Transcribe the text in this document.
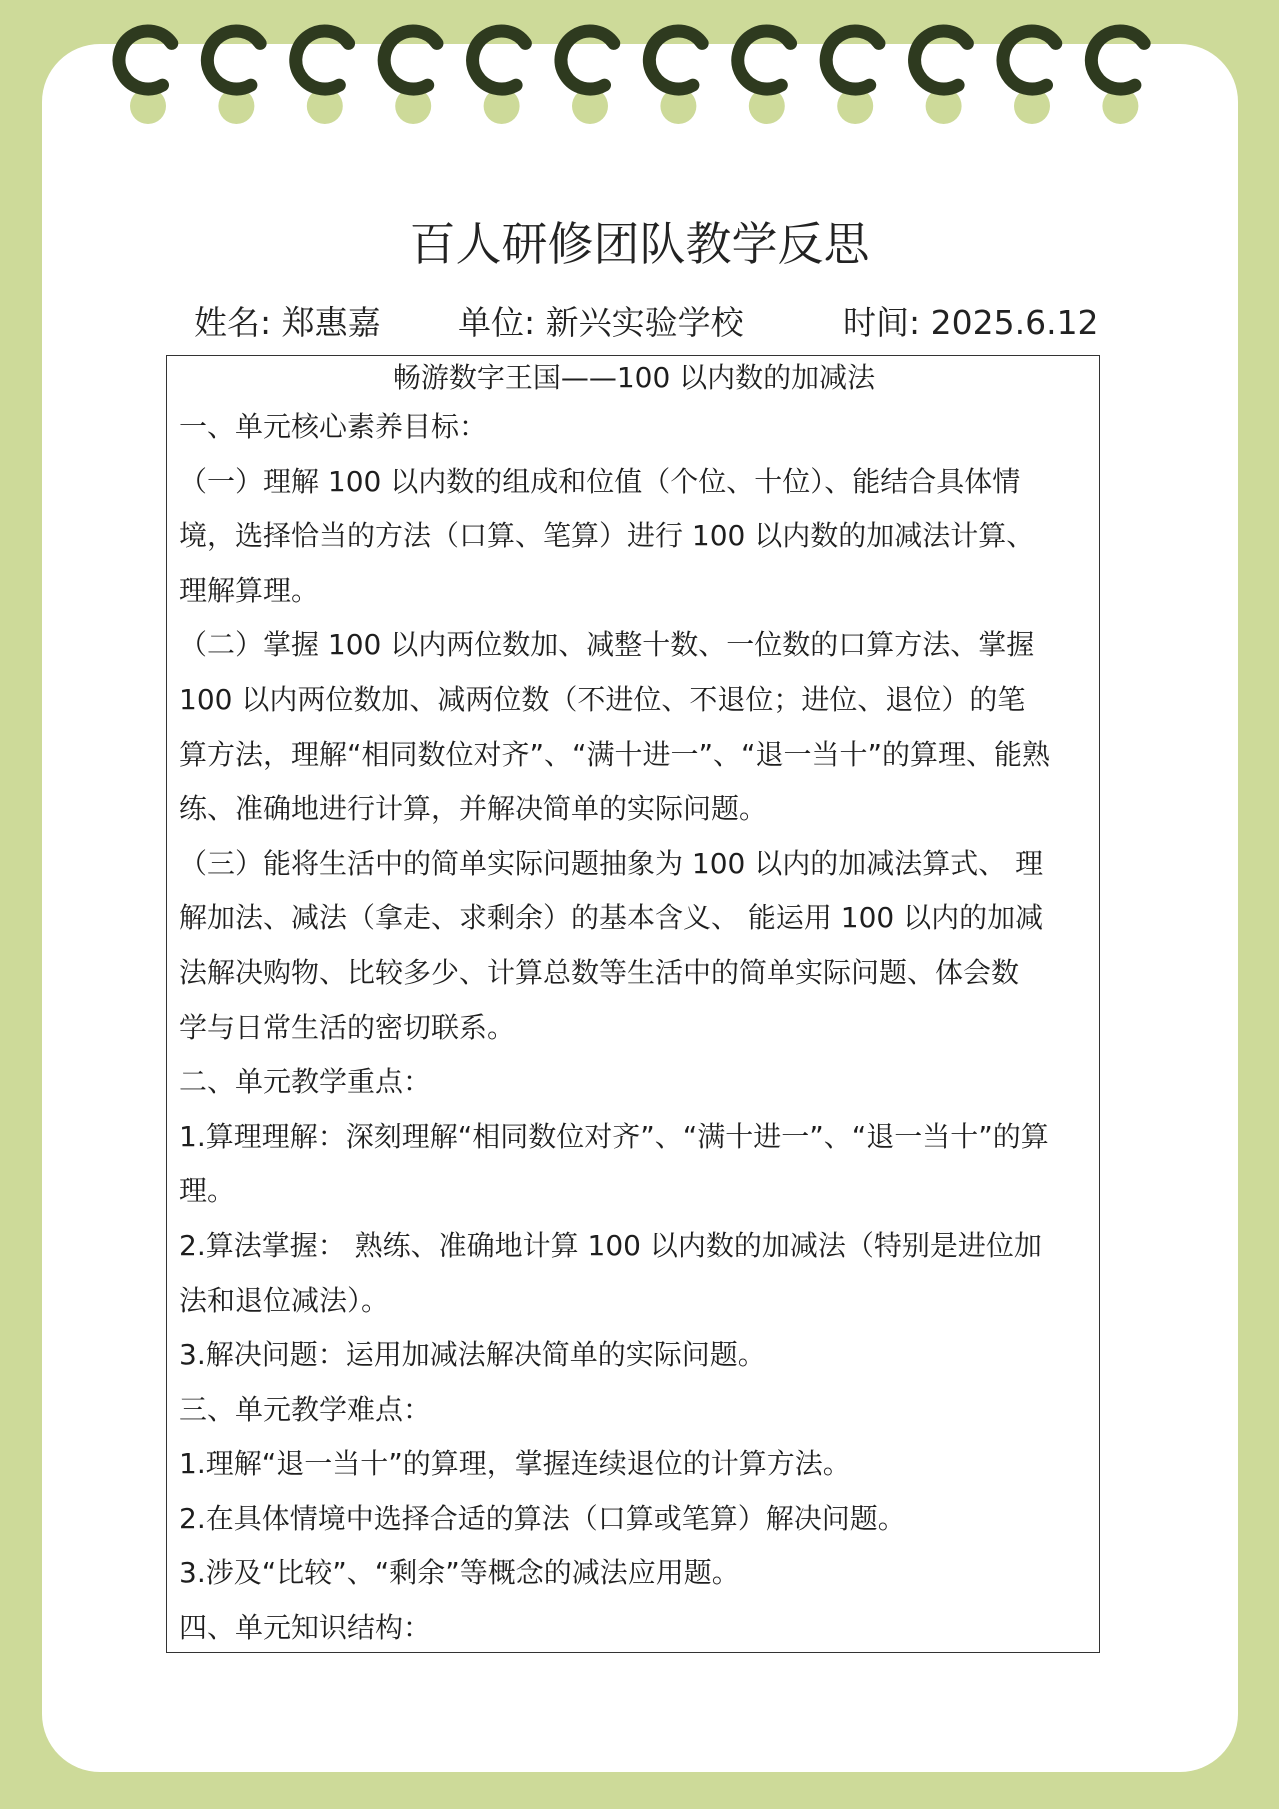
百人研修团队教学反思
姓名: 郑惠嘉 单位: 新兴实验学校	时间: 2025.6.12
畅游数字王国——100 以内数的加减法
一、单元核心素养目标：
（一）理解 100 以内数的组成和位值（个位、十位）、能结合具体情
境，选择恰当的方法（口算、笔算）进行 100 以内数的加减法计算、
理解算理。
（二）掌握 100 以内两位数加、减整十数、一位数的口算方法、掌握
100 以内两位数加、减两位数（不进位、不退位；进位、退位）的笔
算方法，理解“相同数位对齐”、“满十进一”、“退一当十”的算理、能熟
练、准确地进行计算，并解决简单的实际问题。
（三）能将生活中的简单实际问题抽象为 100 以内的加减法算式、 理
解加法、减法（拿走、求剩余）的基本含义、 能运用 100 以内的加减
法解决购物、比较多少、计算总数等生活中的简单实际问题、体会数
学与日常生活的密切联系。
二、单元教学重点：
1.算理理解：深刻理解“相同数位对齐”、“满十进一”、“退一当十”的算
理。
2.算法掌握： 熟练、准确地计算 100 以内数的加减法（特别是进位加
法和退位减法）。
3.解决问题：运用加减法解决简单的实际问题。
三、单元教学难点：
1.理解“退一当十”的算理，掌握连续退位的计算方法。
2.在具体情境中选择合适的算法（口算或笔算）解决问题。
3.涉及“比较”、“剩余”等概念的减法应用题。
四、单元知识结构：
